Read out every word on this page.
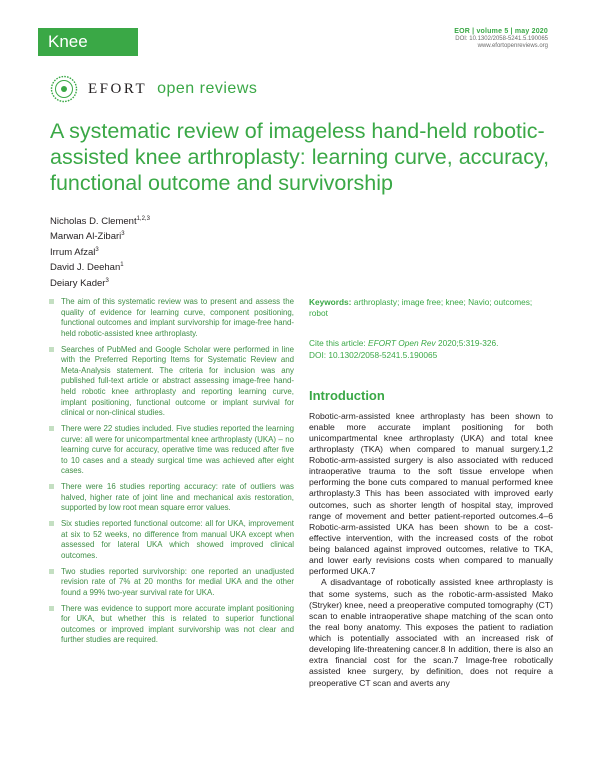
Knee
EOR | volume 5 | may 2020
DOI: 10.1302/2058-5241.5.190065
www.efortopenreviews.org
EFORT open reviews
A systematic review of imageless hand-held robotic-assisted knee arthroplasty: learning curve, accuracy, functional outcome and survivorship
Nicholas D. Clement$^{1,2,3}$
Marwan Al-Zibari$^3$
Irrum Afzal$^3$
David J. Deehan$^1$
Deiary Kader$^3$
The aim of this systematic review was to present and assess the quality of evidence for learning curve, component positioning, functional outcomes and implant survivorship for image-free hand-held robotic-assisted knee arthroplasty.
Searches of PubMed and Google Scholar were performed in line with the Preferred Reporting Items for Systematic Review and Meta-Analysis statement. The criteria for inclusion was any published full-text article or abstract assessing image-free hand-held robotic knee arthroplasty and reporting learning curve, implant positioning, functional outcome or implant survival for clinical or non-clinical studies.
There were 22 studies included. Five studies reported the learning curve: all were for unicompartmental knee arthroplasty (UKA) – no learning curve for accuracy, operative time was reduced after five to 10 cases and a steady surgical time was achieved after eight cases.
There were 16 studies reporting accuracy: rate of outliers was halved, higher rate of joint line and mechanical axis restoration, supported by low root mean square error values.
Six studies reported functional outcome: all for UKA, improvement at six to 52 weeks, no difference from manual UKA except when assessed for lateral UKA which showed improved clinical outcomes.
Two studies reported survivorship: one reported an unadjusted revision rate of 7% at 20 months for medial UKA and the other found a 99% two-year survival rate for UKA.
There was evidence to support more accurate implant positioning for UKA, but whether this is related to superior functional outcomes or improved implant survivorship was not clear and further studies are required.

Keywords: arthroplasty; image free; knee; Navio; outcomes; robot

Cite this article: EFORT Open Rev 2020;5:319-326.
DOI: 10.1302/2058-5241.5.190065

Introduction

Robotic-arm-assisted knee arthroplasty has been shown to enable more accurate implant positioning for both unicompartmental knee arthroplasty (UKA) and total knee arthroplasty (TKA) when compared to manual surgery.1,2 Robotic-arm-assisted surgery is also associated with reduced intraoperative trauma to the soft tissue envelope when performing the bone cuts compared to manual performed knee arthroplasty.3 This has been associated with improved early outcomes, such as shorter length of hospital stay, improved range of movement and better patient-reported outcomes.4–6 Robotic-arm-assisted UKA has been shown to be a cost-effective intervention, with the increased costs of the robot being balanced against improved outcomes, relative to TKA, and lower early revisions costs when compared to manually performed UKA.7

A disadvantage of robotically assisted knee arthroplasty is that some systems, such as the robotic-arm-assisted Mako (Stryker) knee, need a preoperative computed tomography (CT) scan to enable intraoperative shape matching of the scan onto the real bony anatomy. This exposes the patient to radiation which is potentially associated with an increased risk of developing life-threatening cancer.8 In addition, there is also an extra financial cost for the scan.7 Image-free robotically assisted knee surgery, by definition, does not require a preoperative CT scan and averts any
